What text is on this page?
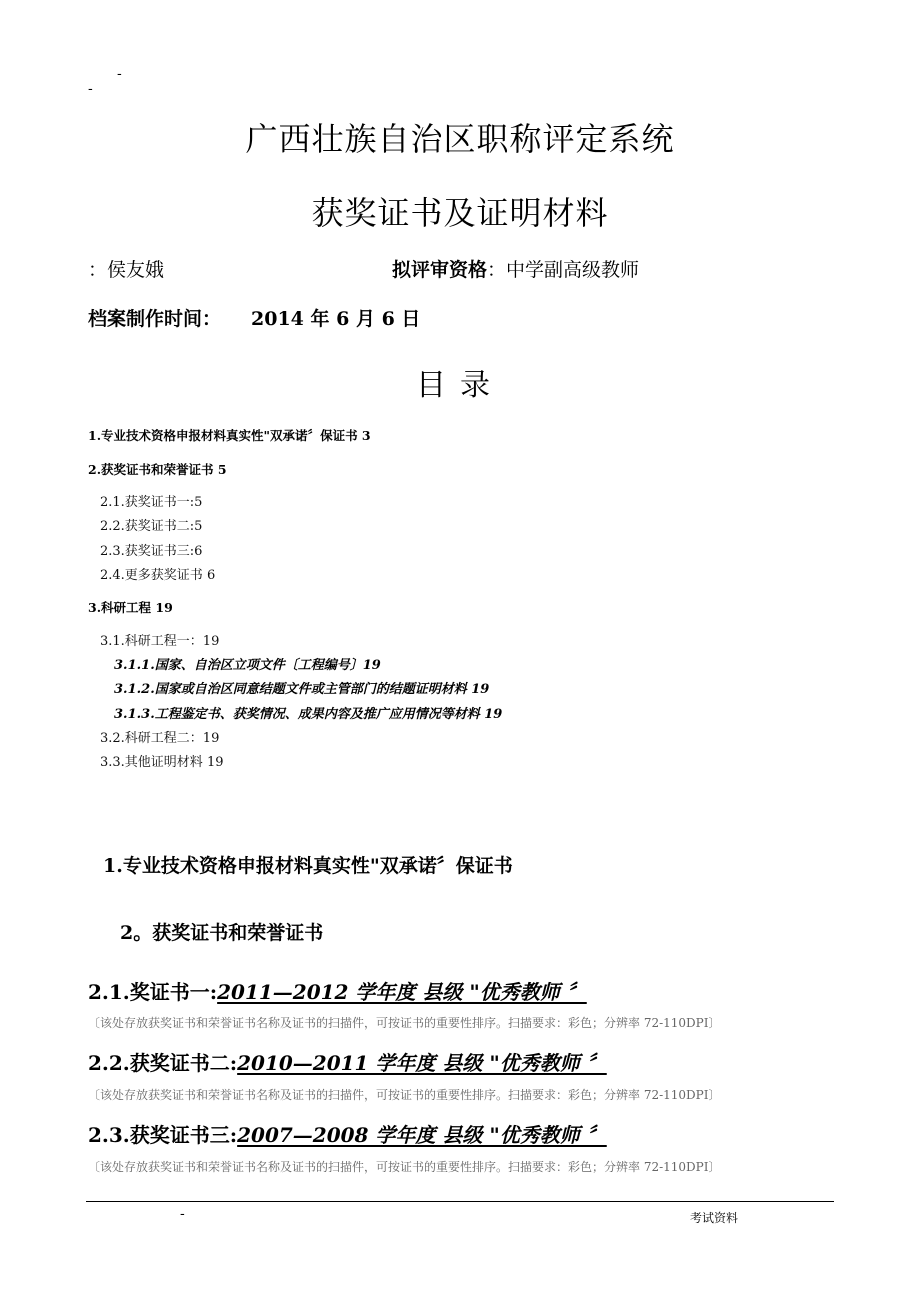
-
-
广西壮族自治区职称评定系统
获奖证书及证明材料
：侯友娥	拟评审资格：中学副高级教师
档案制作时间： 2014 年 6 月 6 日
目录
1.专业技术资格申报材料真实性"双承诺〞保证书 3
2.获奖证书和荣誉证书 5
2.1.获奖证书一:5
2.2.获奖证书二:5
2.3.获奖证书三:6
2.4.更多获奖证书 6
3.科研工程 19
3.1.科研工程一：19
3.1.1.国家、自治区立项文件〔工程编号〕19
3.1.2.国家或自治区同意结题文件或主管部门的结题证明材料 19
3.1.3.工程鉴定书、获奖情况、成果内容及推广应用情况等材料 19
3.2.科研工程二：19
3.3.其他证明材料 19
1.专业技术资格申报材料真实性"双承诺〞保证书
2。获奖证书和荣誉证书
2.1.奖证书一:2011—2012 学年度 县级 "优秀教师 〞
〔该处存放获奖证书和荣誉证书名称及证书的扫描件，可按证书的重要性排序。扫描要求：彩色；分辨率 72-110DPI〕
2.2.获奖证书二:2010—2011 学年度 县级 "优秀教师 〞
〔该处存放获奖证书和荣誉证书名称及证书的扫描件，可按证书的重要性排序。扫描要求：彩色；分辨率 72-110DPI〕
2.3.获奖证书三:2007—2008 学年度 县级 "优秀教师 〞
〔该处存放获奖证书和荣誉证书名称及证书的扫描件，可按证书的重要性排序。扫描要求：彩色；分辨率 72-110DPI〕
-	考试资料
